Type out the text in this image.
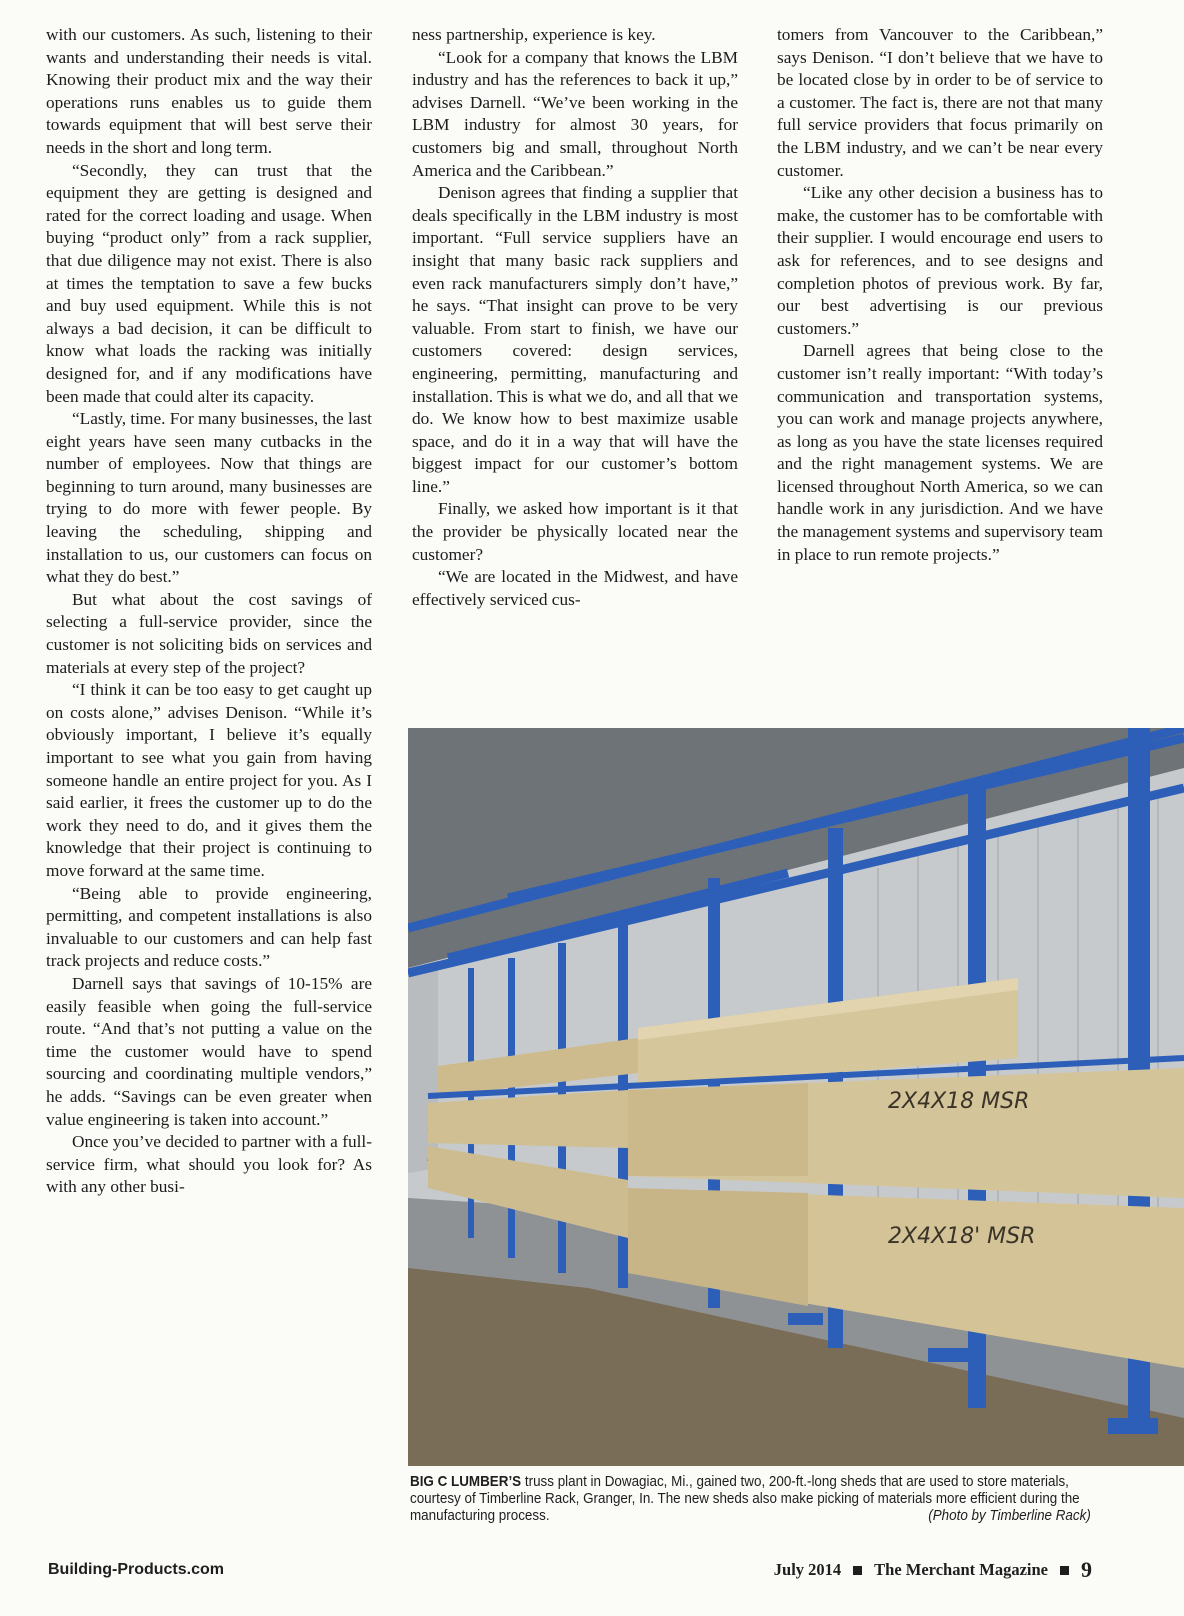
with our customers. As such, listening to their wants and understanding their needs is vital. Knowing their product mix and the way their operations runs enables us to guide them towards equipment that will best serve their needs in the short and long term.

“Secondly, they can trust that the equipment they are getting is designed and rated for the correct loading and usage. When buying “product only” from a rack supplier, that due diligence may not exist. There is also at times the temptation to save a few bucks and buy used equipment. While this is not always a bad decision, it can be difficult to know what loads the racking was initially designed for, and if any modifications have been made that could alter its capacity.

“Lastly, time. For many businesses, the last eight years have seen many cutbacks in the number of employees. Now that things are beginning to turn around, many businesses are trying to do more with fewer people. By leaving the scheduling, shipping and installation to us, our customers can focus on what they do best.”

But what about the cost savings of selecting a full-service provider, since the customer is not soliciting bids on services and materials at every step of the project?

“I think it can be too easy to get caught up on costs alone,” advises Denison. “While it’s obviously important, I believe it’s equally important to see what you gain from having someone handle an entire project for you. As I said earlier, it frees the customer up to do the work they need to do, and it gives them the knowledge that their project is continuing to move forward at the same time.

“Being able to provide engineering, permitting, and competent installations is also invaluable to our customers and can help fast track projects and reduce costs.”

Darnell says that savings of 10-15% are easily feasible when going the full-service route. “And that’s not putting a value on the time the customer would have to spend sourcing and coordinating multiple vendors,” he adds. “Savings can be even greater when value engineering is taken into account.”

Once you’ve decided to partner with a full-service firm, what should you look for? As with any other busi-

ness partnership, experience is key.

“Look for a company that knows the LBM industry and has the references to back it up,” advises Darnell. “We’ve been working in the LBM industry for almost 30 years, for customers big and small, throughout North America and the Caribbean.”

Denison agrees that finding a supplier that deals specifically in the LBM industry is most important. “Full service suppliers have an insight that many basic rack suppliers and even rack manufacturers simply don’t have,” he says. “That insight can prove to be very valuable. From start to finish, we have our customers covered: design services, engineering, permitting, manufacturing and installation. This is what we do, and all that we do. We know how to best maximize usable space, and do it in a way that will have the biggest impact for our customer’s bottom line.”

Finally, we asked how important is it that the provider be physically located near the customer?

“We are located in the Midwest, and have effectively serviced cus-

tomers from Vancouver to the Caribbean,” says Denison. “I don’t believe that we have to be located close by in order to be of service to a customer. The fact is, there are not that many full service providers that focus primarily on the LBM industry, and we can’t be near every customer.

“Like any other decision a business has to make, the customer has to be comfortable with their supplier. I would encourage end users to ask for references, and to see designs and completion photos of previous work. By far, our best advertising is our previous customers.”

Darnell agrees that being close to the customer isn’t really important: “With today’s communication and transportation systems, you can work and manage projects anywhere, as long as you have the state licenses required and the right management systems. We are licensed throughout North America, so we can handle work in any jurisdiction. And we have the management systems and supervisory team in place to run remote projects.”

2X4X18 MSR
2X4X18' MSR
BIG C LUMBER’S truss plant in Dowagiac, Mi., gained two, 200-ft.-long sheds that are used to store materials, courtesy of Timberline Rack, Granger, In. The new sheds also make picking of materials more efficient during the manufacturing process.	(Photo by Timberline Rack)
Building-Products.com	July 2014 The Merchant Magazine 9
